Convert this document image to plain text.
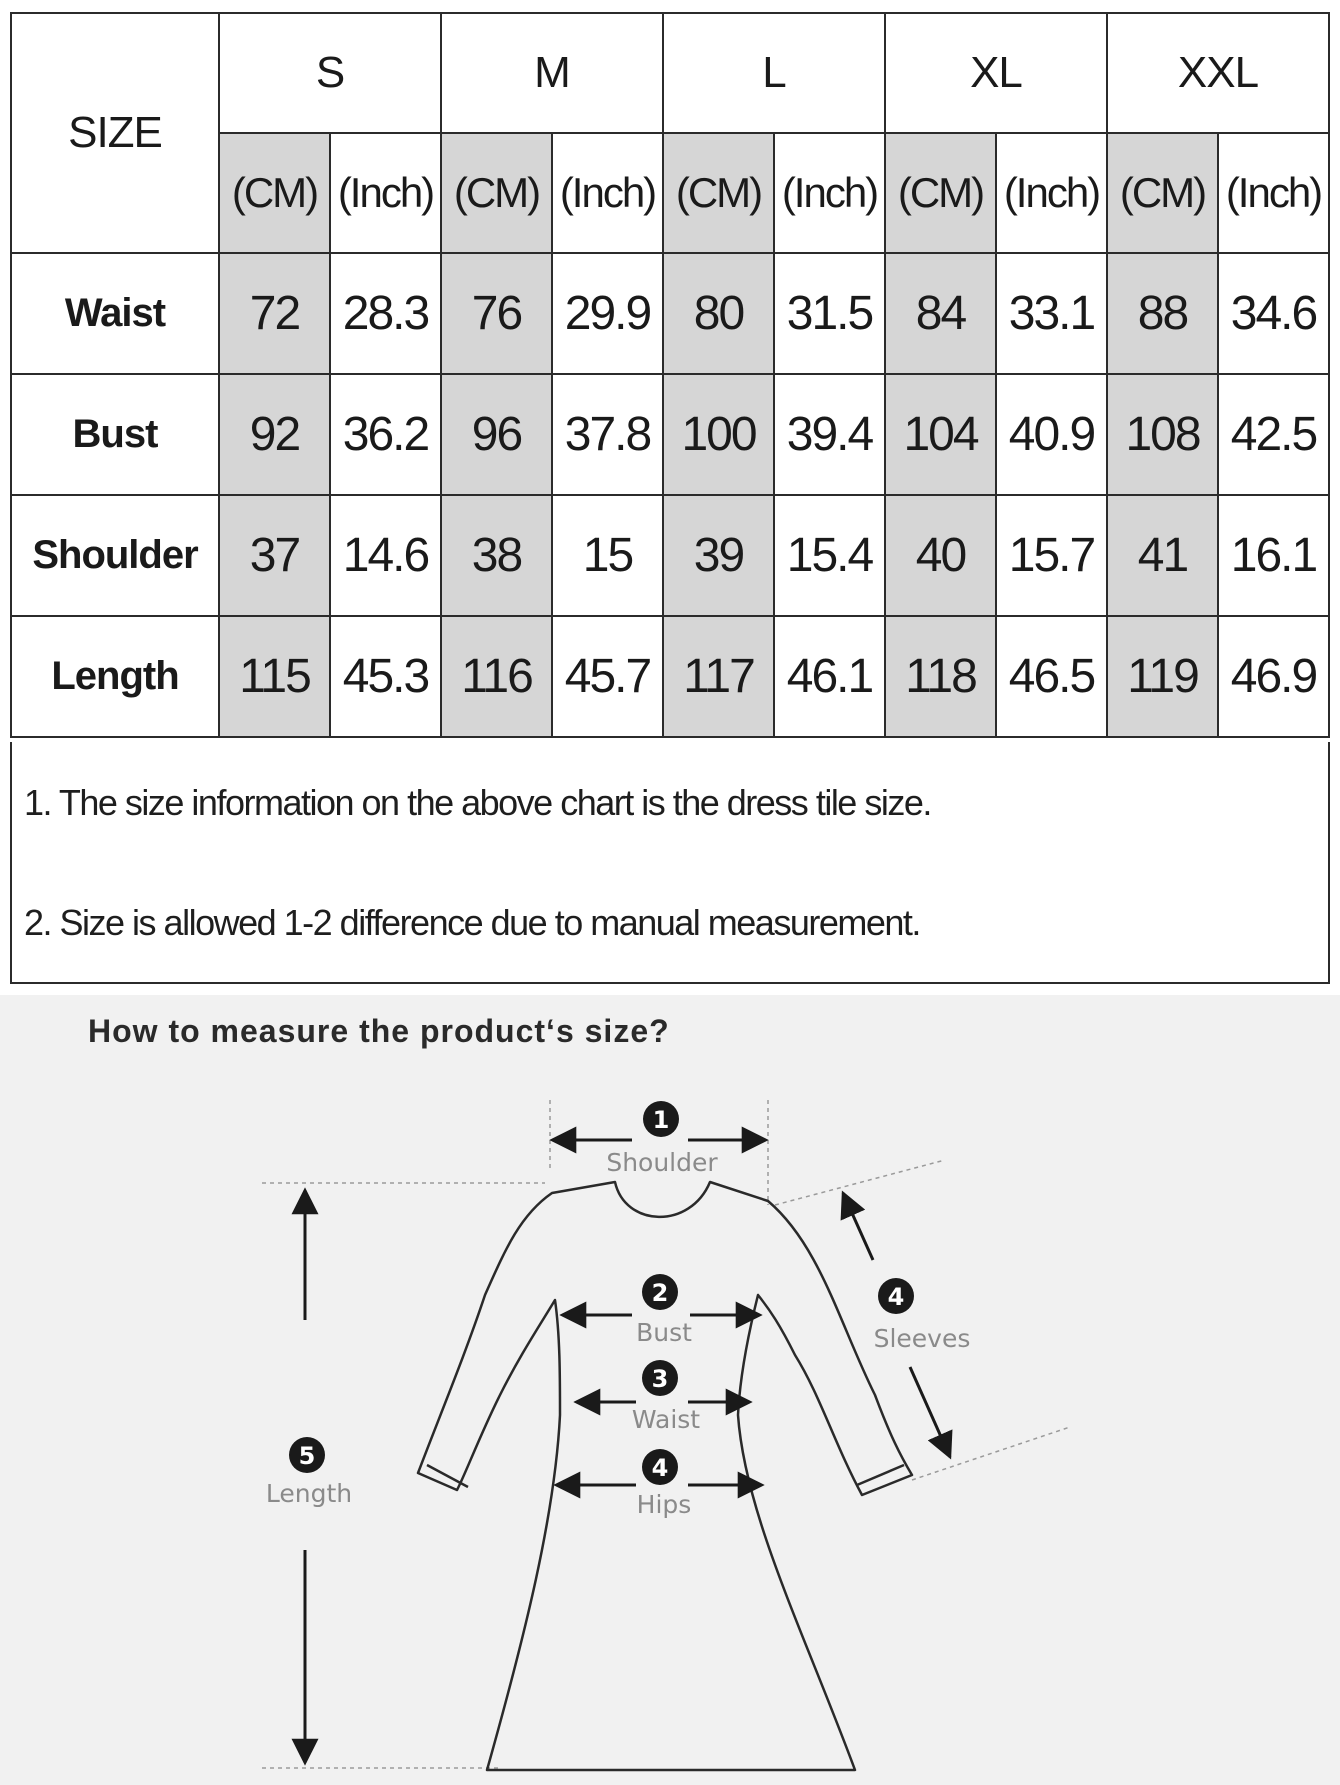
SIZE	S		M		L		XL		XXL	
	(CM)	(Inch)	(CM)	(Inch)	(CM)	(Inch)	(CM)	(Inch)	(CM)	(Inch)
Waist	72	28.3	76	29.9	80	31.5	84	33.1	88	34.6
Bust	92	36.2	96	37.8	100	39.4	104	40.9	108	42.5
Shoulder	37	14.6	38	15	39	15.4	40	15.7	41	16.1
Length	115	45.3	116	45.7	117	46.1	118	46.5	119	46.9
1. The size information on the above chart is the dress tile size.
2. Size is allowed 1-2 difference due to manual measurement.
How to measure the product‘s size?
1
2
3
4
4
5
Shoulder
Bust
Waist
Hips
Sleeves
Length
